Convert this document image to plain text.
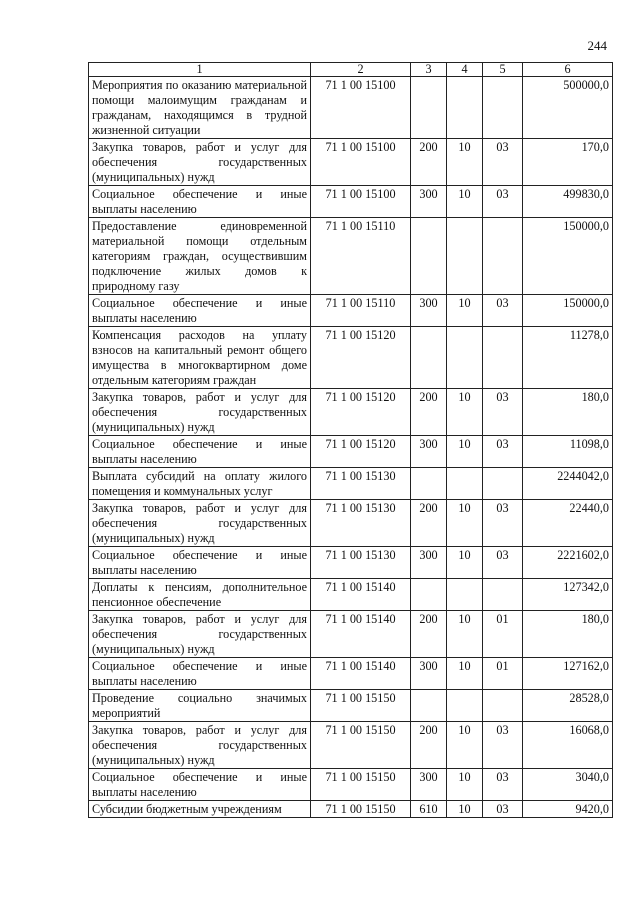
244
1	2	3	4	5	6
Мероприятия по оказанию материальной помощи малоимущим гражданам и гражданам, находящимся в трудной жизненной ситуации	71 1 00 15100				500000,0
Закупка товаров, работ и услуг для обеспечения государственных (муниципальных) нужд	71 1 00 15100	200	10	03	170,0
Социальное обеспечение и иные выплаты населению	71 1 00 15100	300	10	03	499830,0
Предоставление единовременной материальной помощи отдельным категориям граждан, осуществившим подключение жилых домов к природному газу	71 1 00 15110				150000,0
Социальное обеспечение и иные выплаты населению	71 1 00 15110	300	10	03	150000,0
Компенсация расходов на уплату взносов на капитальный ремонт общего имущества в многоквартирном доме отдельным категориям граждан	71 1 00 15120				11278,0
Закупка товаров, работ и услуг для обеспечения государственных (муниципальных) нужд	71 1 00 15120	200	10	03	180,0
Социальное обеспечение и иные выплаты населению	71 1 00 15120	300	10	03	11098,0
Выплата субсидий на оплату жилого помещения и коммунальных услуг	71 1 00 15130				2244042,0
Закупка товаров, работ и услуг для обеспечения государственных (муниципальных) нужд	71 1 00 15130	200	10	03	22440,0
Социальное обеспечение и иные выплаты населению	71 1 00 15130	300	10	03	2221602,0
Доплаты к пенсиям, дополнительное пенсионное обеспечение	71 1 00 15140				127342,0
Закупка товаров, работ и услуг для обеспечения государственных (муниципальных) нужд	71 1 00 15140	200	10	01	180,0
Социальное обеспечение и иные выплаты населению	71 1 00 15140	300	10	01	127162,0
Проведение социально значимых мероприятий	71 1 00 15150				28528,0
Закупка товаров, работ и услуг для обеспечения государственных (муниципальных) нужд	71 1 00 15150	200	10	03	16068,0
Социальное обеспечение и иные выплаты населению	71 1 00 15150	300	10	03	3040,0
Субсидии бюджетным учреждениям	71 1 00 15150	610	10	03	9420,0
